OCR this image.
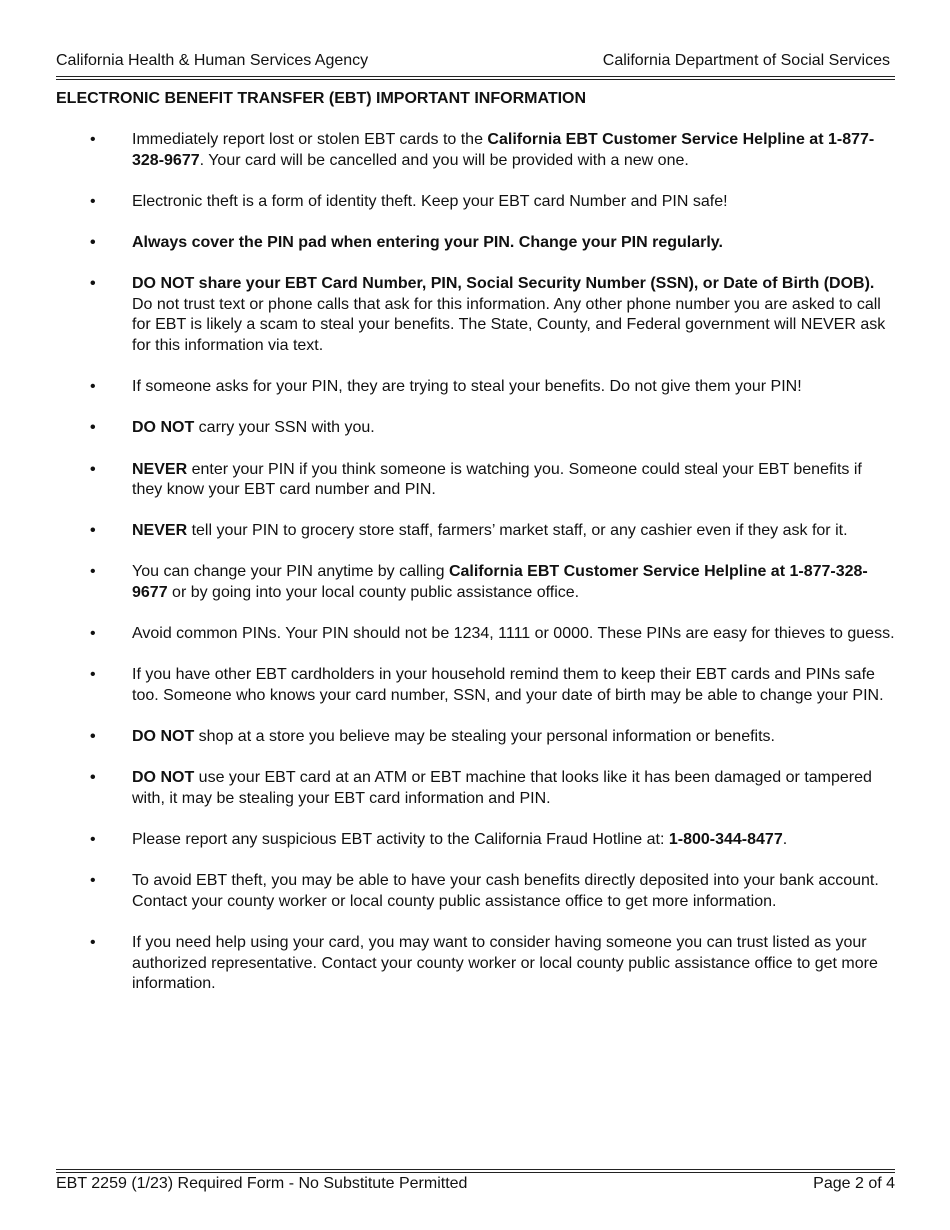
California Health & Human Services Agency	California Department of Social Services
ELECTRONIC BENEFIT TRANSFER (EBT) IMPORTANT INFORMATION
• Immediately report lost or stolen EBT cards to the California EBT Customer Service Helpline at 1-877-328-9677. Your card will be cancelled and you will be provided with a new one.
• Electronic theft is a form of identity theft. Keep your EBT card Number and PIN safe!
• Always cover the PIN pad when entering your PIN. Change your PIN regularly.
• DO NOT share your EBT Card Number, PIN, Social Security Number (SSN), or Date of Birth (DOB). Do not trust text or phone calls that ask for this information. Any other phone number you are asked to call for EBT is likely a scam to steal your benefits. The State, County, and Federal government will NEVER ask for this information via text.
• If someone asks for your PIN, they are trying to steal your benefits. Do not give them your PIN!
• DO NOT carry your SSN with you.
• NEVER enter your PIN if you think someone is watching you. Someone could steal your EBT benefits if they know your EBT card number and PIN.
• NEVER tell your PIN to grocery store staff, farmers’ market staff, or any cashier even if they ask for it.
• You can change your PIN anytime by calling California EBT Customer Service Helpline at 1-877-328-9677 or by going into your local county public assistance office.
• Avoid common PINs. Your PIN should not be 1234, 1111 or 0000. These PINs are easy for thieves to guess.
• If you have other EBT cardholders in your household remind them to keep their EBT cards and PINs safe too. Someone who knows your card number, SSN, and your date of birth may be able to change your PIN.
• DO NOT shop at a store you believe may be stealing your personal information or benefits.
• DO NOT use your EBT card at an ATM or EBT machine that looks like it has been damaged or tampered with, it may be stealing your EBT card information and PIN.
• Please report any suspicious EBT activity to the California Fraud Hotline at: 1-800-344-8477.
• To avoid EBT theft, you may be able to have your cash benefits directly deposited into your bank account. Contact your county worker or local county public assistance office to get more information.
• If you need help using your card, you may want to consider having someone you can trust listed as your authorized representative. Contact your county worker or local county public assistance office to get more information.
EBT 2259 (1/23) Required Form - No Substitute Permitted	Page 2 of 4
